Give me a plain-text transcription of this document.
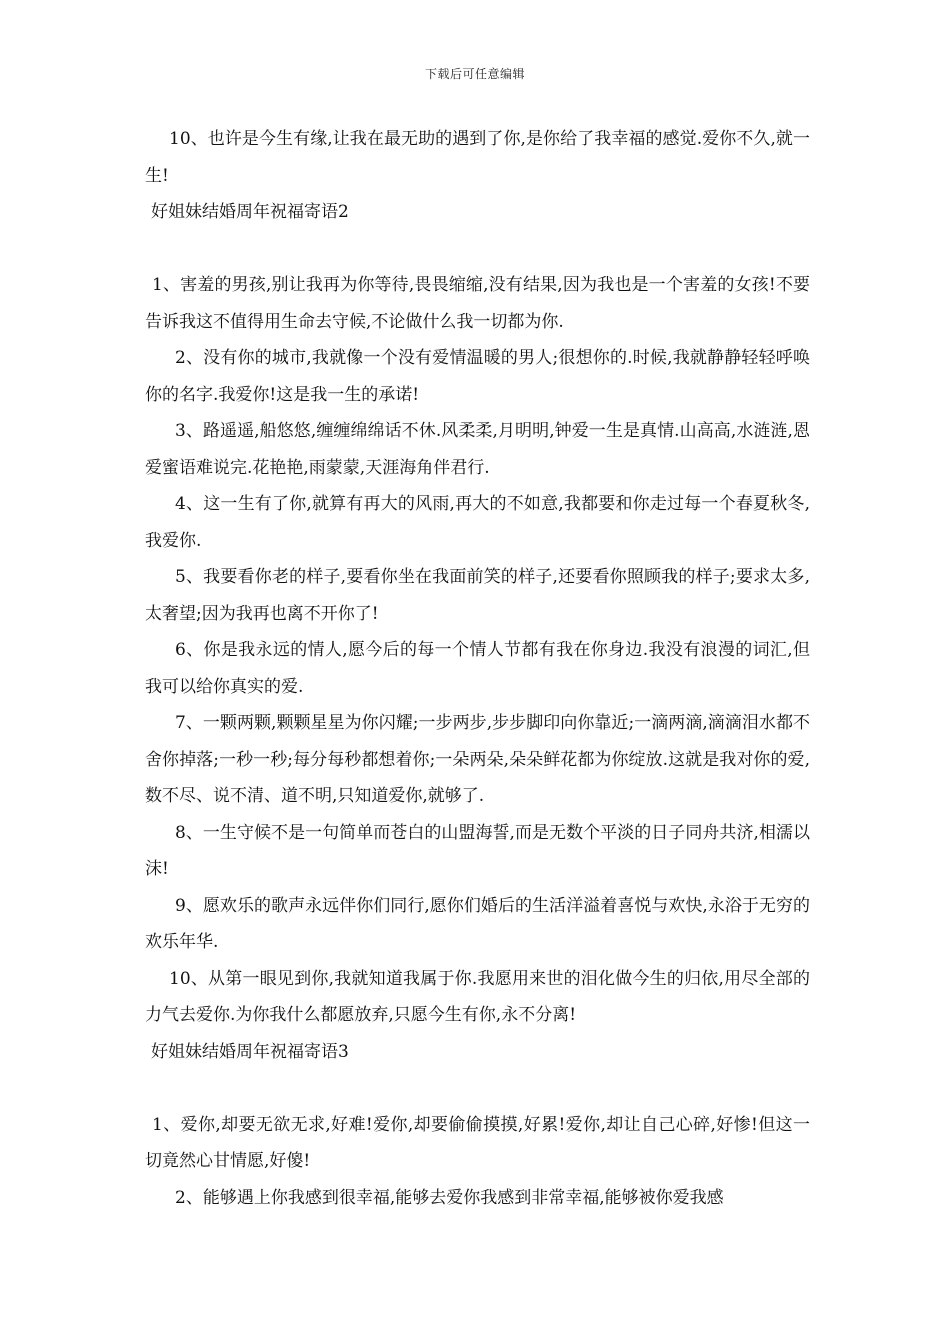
下载后可任意编辑

10、也许是今生有缘,让我在最无助的遇到了你,是你给了我幸福的感觉.爱你不久,就一生!

好姐妹结婚周年祝福寄语2

1、害羞的男孩,别让我再为你等待,畏畏缩缩,没有结果,因为我也是一个害羞的女孩!不要告诉我这不值得用生命去守候,不论做什么我一切都为你.

2、没有你的城市,我就像一个没有爱情温暖的男人;很想你的.时候,我就静静轻轻呼唤你的名字.我爱你!这是我一生的承诺!

3、路遥遥,船悠悠,缠缠绵绵话不休.风柔柔,月明明,钟爱一生是真情.山高高,水涟涟,恩爱蜜语难说完.花艳艳,雨蒙蒙,天涯海角伴君行.

4、这一生有了你,就算有再大的风雨,再大的不如意,我都要和你走过每一个春夏秋冬,我爱你.

5、我要看你老的样子,要看你坐在我面前笑的样子,还要看你照顾我的样子;要求太多,太奢望;因为我再也离不开你了!

6、你是我永远的情人,愿今后的每一个情人节都有我在你身边.我没有浪漫的词汇,但我可以给你真实的爱.

7、一颗两颗,颗颗星星为你闪耀;一步两步,步步脚印向你靠近;一滴两滴,滴滴泪水都不舍你掉落;一秒一秒;每分每秒都想着你;一朵两朵,朵朵鲜花都为你绽放.这就是我对你的爱,数不尽、说不清、道不明,只知道爱你,就够了.

8、一生守候不是一句简单而苍白的山盟海誓,而是无数个平淡的日子同舟共济,相濡以沫!

9、愿欢乐的歌声永远伴你们同行,愿你们婚后的生活洋溢着喜悦与欢快,永浴于无穷的欢乐年华.

10、从第一眼见到你,我就知道我属于你.我愿用来世的泪化做今生的归依,用尽全部的力气去爱你.为你我什么都愿放弃,只愿今生有你,永不分离!

好姐妹结婚周年祝福寄语3

1、爱你,却要无欲无求,好难!爱你,却要偷偷摸摸,好累!爱你,却让自己心碎,好惨!但这一切竟然心甘情愿,好傻!

2、能够遇上你我感到很幸福,能够去爱你我感到非常幸福,能够被你爱我感
